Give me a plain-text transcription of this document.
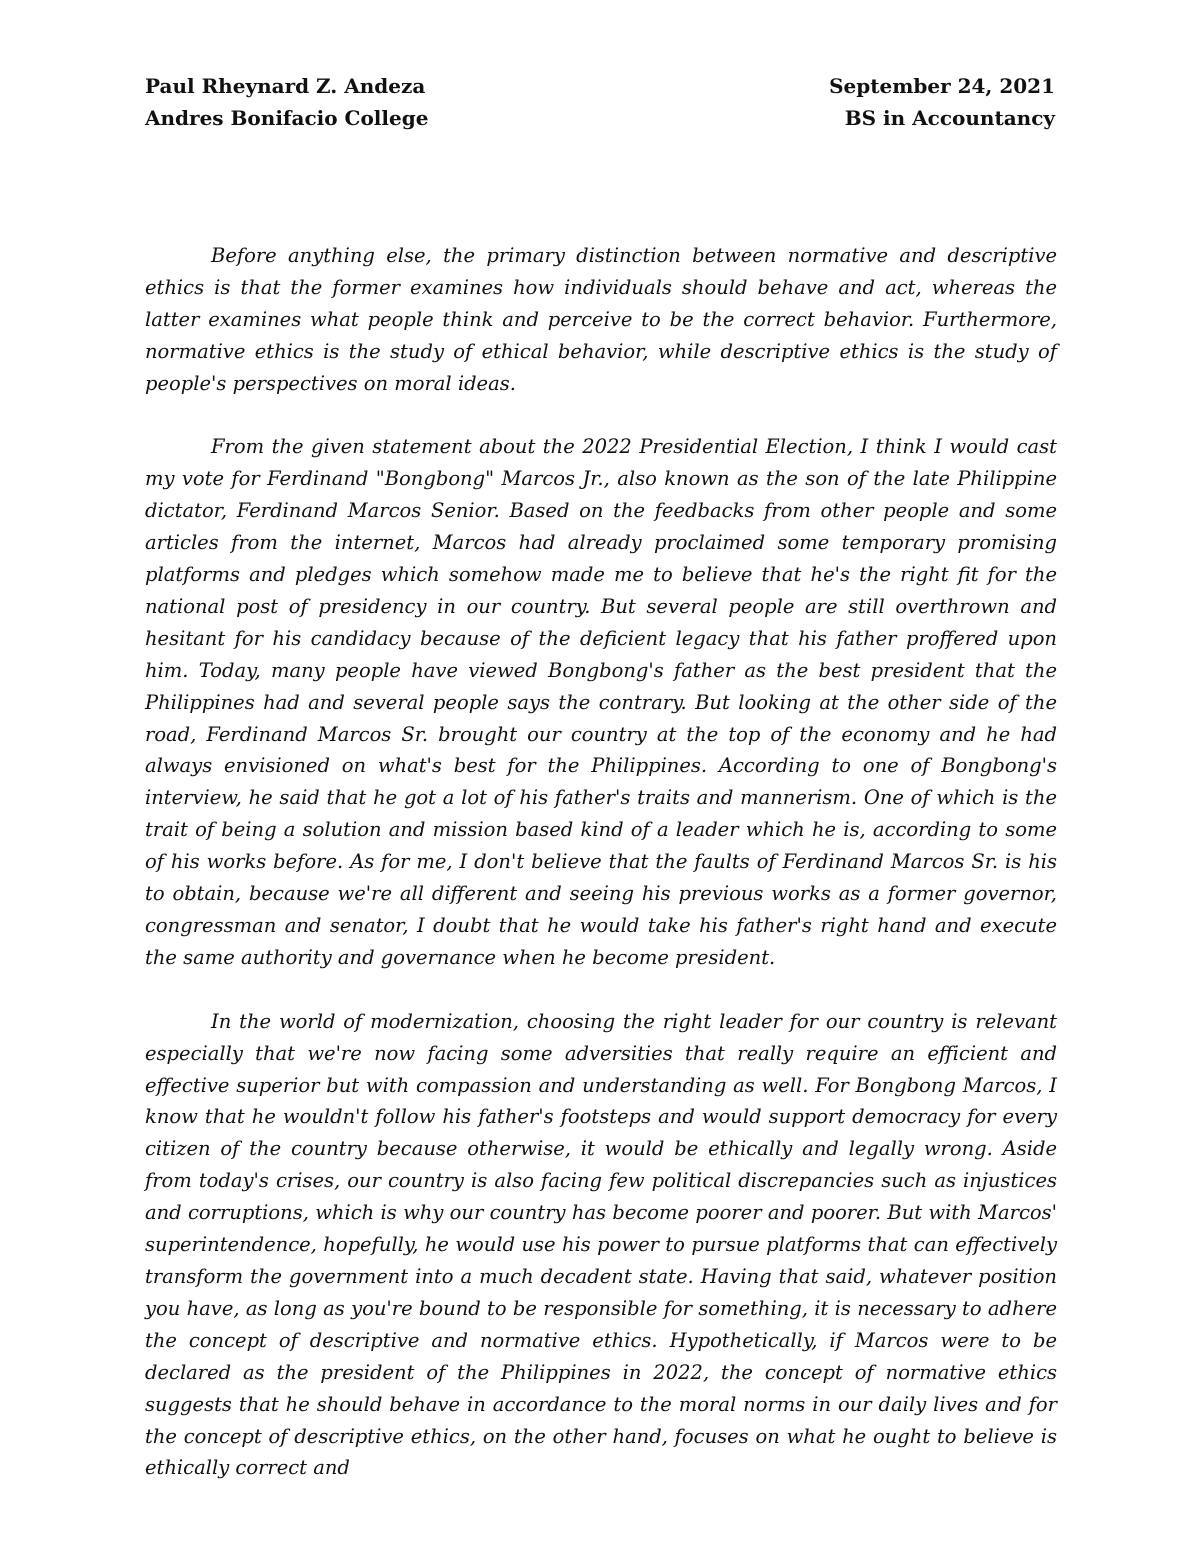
Paul Rheynard Z. Andeza	September 24, 2021
Andres Bonifacio College	BS in Accountancy

Before anything else, the primary distinction between normative and descriptive ethics is that the former examines how individuals should behave and act, whereas the latter examines what people think and perceive to be the correct behavior. Furthermore, normative ethics is the study of ethical behavior, while descriptive ethics is the study of people's perspectives on moral ideas.

From the given statement about the 2022 Presidential Election, I think I would cast my vote for Ferdinand "Bongbong" Marcos Jr., also known as the son of the late Philippine dictator, Ferdinand Marcos Senior. Based on the feedbacks from other people and some articles from the internet, Marcos had already proclaimed some temporary promising platforms and pledges which somehow made me to believe that he's the right fit for the national post of presidency in our country. But several people are still overthrown and hesitant for his candidacy because of the deficient legacy that his father proffered upon him. Today, many people have viewed Bongbong's father as the best president that the Philippines had and several people says the contrary. But looking at the other side of the road, Ferdinand Marcos Sr. brought our country at the top of the economy and he had always envisioned on what's best for the Philippines. According to one of Bongbong's interview, he said that he got a lot of his father's traits and mannerism. One of which is the trait of being a solution and mission based kind of a leader which he is, according to some of his works before. As for me, I don't believe that the faults of Ferdinand Marcos Sr. is his to obtain, because we're all different and seeing his previous works as a former governor, congressman and senator, I doubt that he would take his father's right hand and execute the same authority and governance when he become president.

In the world of modernization, choosing the right leader for our country is relevant especially that we're now facing some adversities that really require an efficient and effective superior but with compassion and understanding as well. For Bongbong Marcos, I know that he wouldn't follow his father's footsteps and would support democracy for every citizen of the country because otherwise, it would be ethically and legally wrong. Aside from today's crises, our country is also facing few political discrepancies such as injustices and corruptions, which is why our country has become poorer and poorer. But with Marcos' superintendence, hopefully, he would use his power to pursue platforms that can effectively transform the government into a much decadent state. Having that said, whatever position you have, as long as you're bound to be responsible for something, it is necessary to adhere the concept of descriptive and normative ethics. Hypothetically, if Marcos were to be declared as the president of the Philippines in 2022, the concept of normative ethics suggests that he should behave in accordance to the moral norms in our daily lives and for the concept of descriptive ethics, on the other hand, focuses on what he ought to believe is ethically correct and
